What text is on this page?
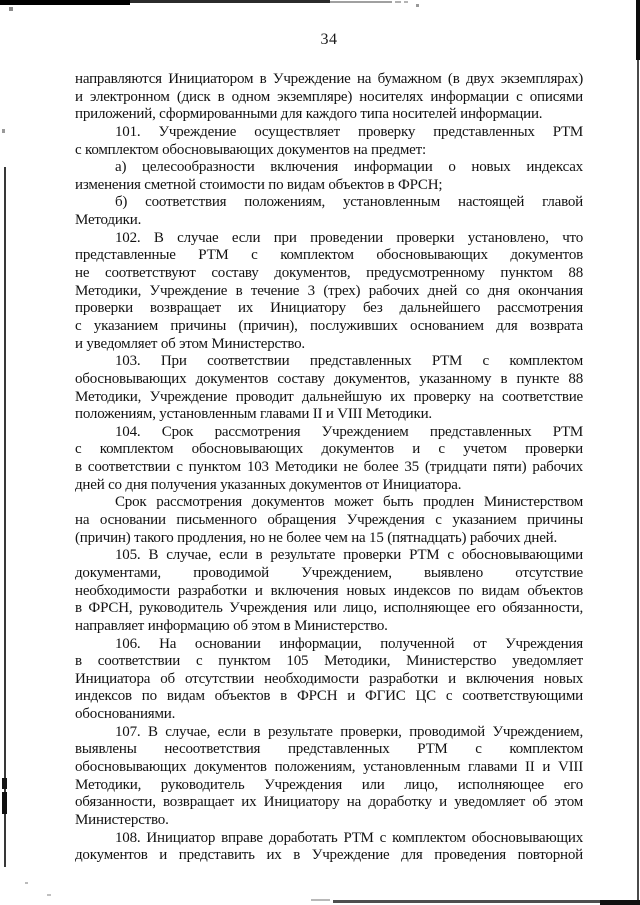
34
направляются Инициатором в Учреждение на бумажном (в двух экземплярах)
и электронном (диск в одном экземпляре) носителях информации с описями
приложений, сформированными для каждого типа носителей информации.
101. Учреждение осуществляет проверку представленных РТМ
с комплектом обосновывающих документов на предмет:
а) целесообразности включения информации о новых индексах
изменения сметной стоимости по видам объектов в ФРСН;
б) соответствия положениям, установленным настоящей главой
Методики.
102. В случае если при проведении проверки установлено, что
представленные РТМ с комплектом обосновывающих документов
не соответствуют составу документов, предусмотренному пунктом 88
Методики, Учреждение в течение 3 (трех) рабочих дней со дня окончания
проверки возвращает их Инициатору без дальнейшего рассмотрения
с указанием причины (причин), послуживших основанием для возврата
и уведомляет об этом Министерство.
103. При соответствии представленных РТМ с комплектом
обосновывающих документов составу документов, указанному в пункте 88
Методики, Учреждение проводит дальнейшую их проверку на соответствие
положениям, установленным главами II и VIII Методики.
104. Срок рассмотрения Учреждением представленных РТМ
с комплектом обосновывающих документов и с учетом проверки
в соответствии с пунктом 103 Методики не более 35 (тридцати пяти) рабочих
дней со дня получения указанных документов от Инициатора.
Срок рассмотрения документов может быть продлен Министерством
на основании письменного обращения Учреждения с указанием причины
(причин) такого продления, но не более чем на 15 (пятнадцать) рабочих дней.
105. В случае, если в результате проверки РТМ с обосновывающими
документами, проводимой Учреждением, выявлено отсутствие
необходимости разработки и включения новых индексов по видам объектов
в ФРСН, руководитель Учреждения или лицо, исполняющее его обязанности,
направляет информацию об этом в Министерство.
106. На основании информации, полученной от Учреждения
в соответствии с пунктом 105 Методики, Министерство уведомляет
Инициатора об отсутствии необходимости разработки и включения новых
индексов по видам объектов в ФРСН и ФГИС ЦС с соответствующими
обоснованиями.
107. В случае, если в результате проверки, проводимой Учреждением,
выявлены несоответствия представленных РТМ с комплектом
обосновывающих документов положениям, установленным главами II и VIII
Методики, руководитель Учреждения или лицо, исполняющее его
обязанности, возвращает их Инициатору на доработку и уведомляет об этом
Министерство.
108. Инициатор вправе доработать РТМ с комплектом обосновывающих
документов и представить их в Учреждение для проведения повторной
